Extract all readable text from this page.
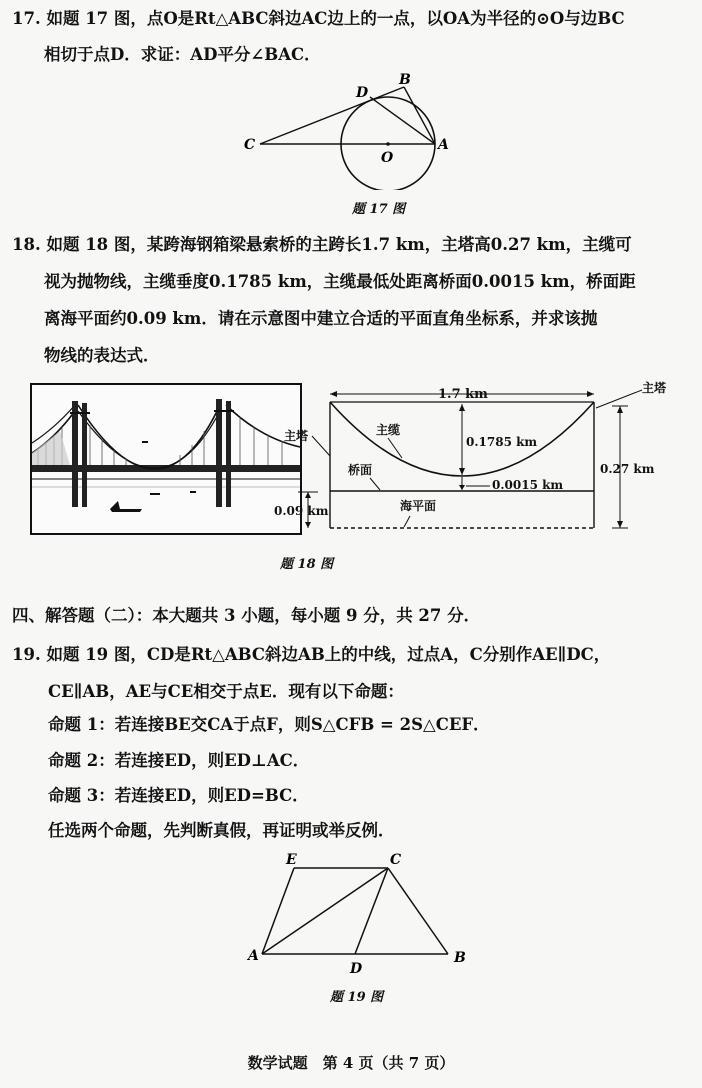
17. 如题 17 图，点O是Rt△ABC斜边AC边上的一点，以OA为半径的⊙O与边BC
相切于点D．求证：AD平分∠BAC．
B
D
C
O
A
题 17 图
18. 如题 18 图，某跨海钢箱梁悬索桥的主跨长1.7 km，主塔高0.27 km，主缆可
视为抛物线，主缆垂度0.1785 km，主缆最低处距离桥面0.0015 km，桥面距
离海平面约0.09 km．请在示意图中建立合适的平面直角坐标系，并求该抛
物线的表达式．
1.7 km
0.1785 km
0.0015 km
0.27 km
0.09 km
主塔
主塔
主缆
桥面
海平面
题 18 图
四、解答题（二）：本大题共 3 小题，每小题 9 分，共 27 分．
19. 如题 19 图，CD是Rt△ABC斜边AB上的中线，过点A，C分别作AE∥DC，
CE∥AB，AE与CE相交于点E．现有以下命题：
命题 1：若连接BE交CA于点F，则S△CFB = 2S△CEF．
命题 2：若连接ED，则ED⊥AC．
命题 3：若连接ED，则ED=BC．
任选两个命题，先判断真假，再证明或举反例．
E	C
A
D
B
题 19 图
数学试题　第 4 页（共 7 页）
